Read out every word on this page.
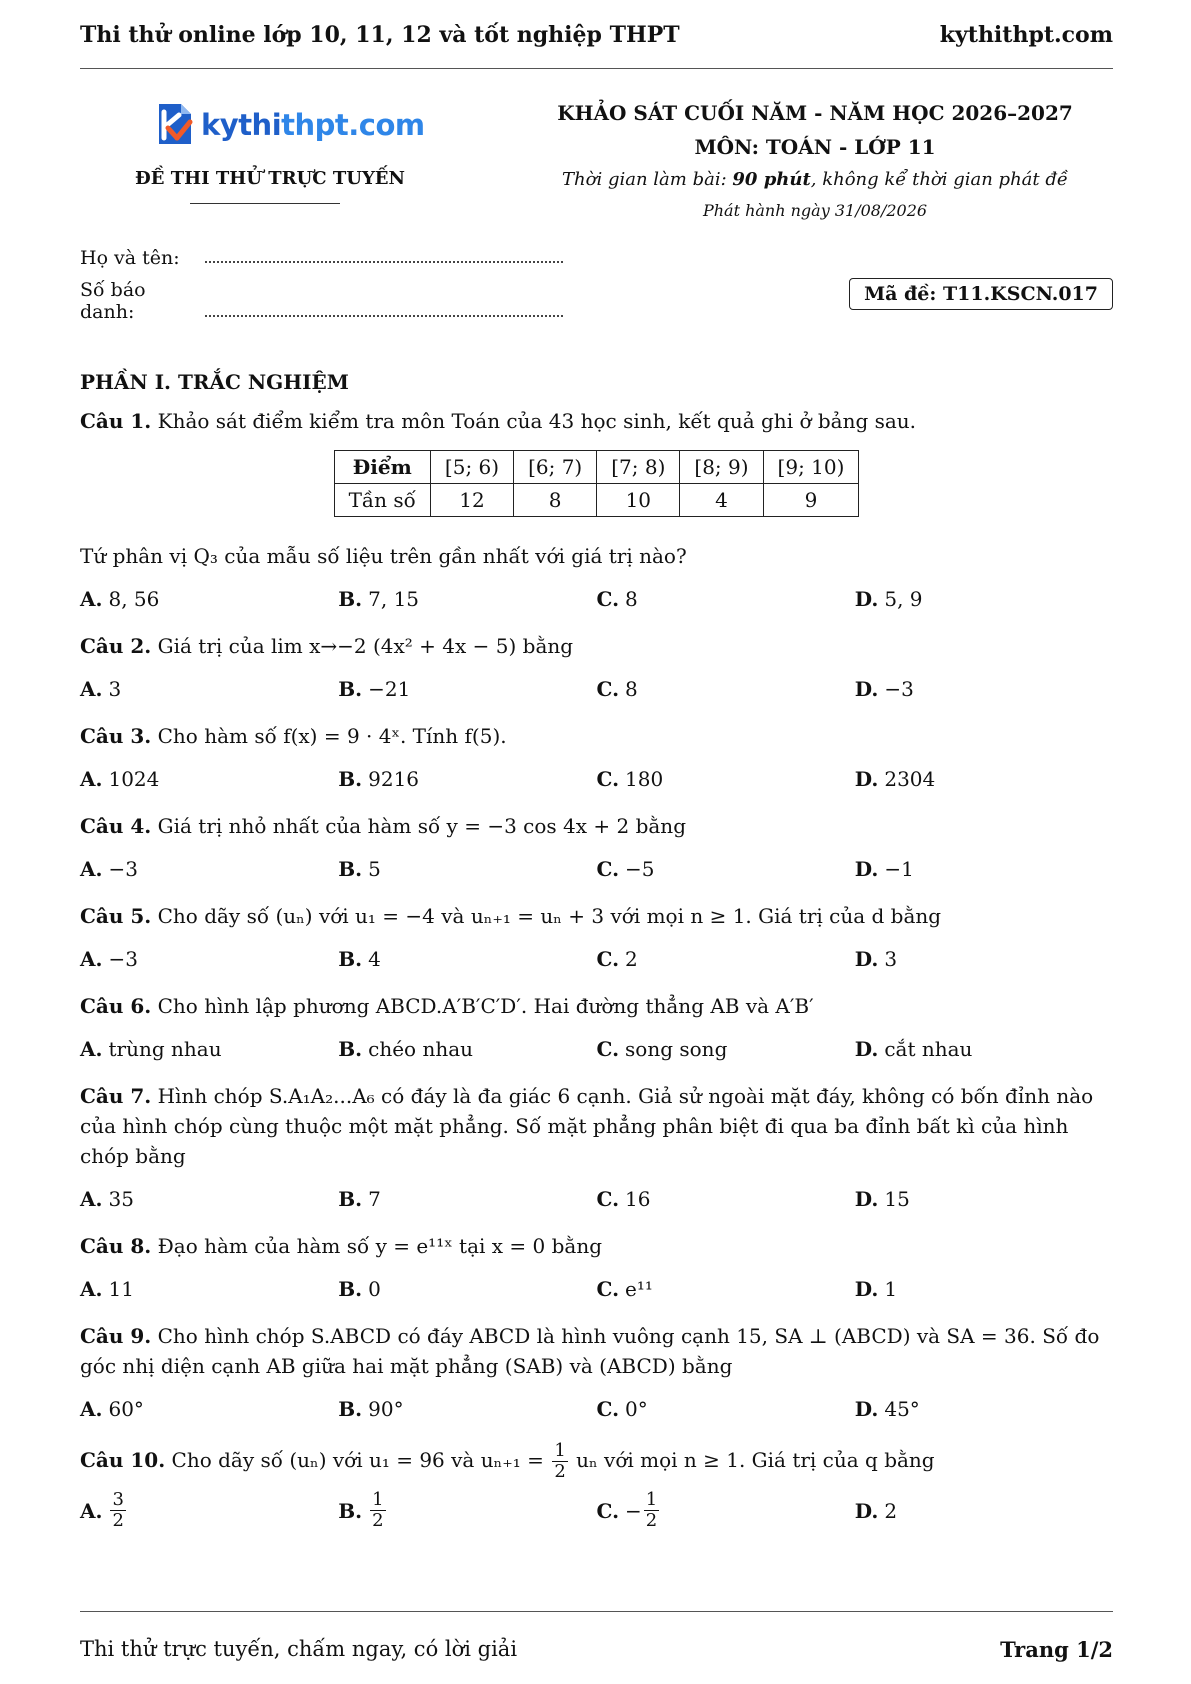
Thi thử online lớp 10, 11, 12 và tốt nghiệp THPT	kythithpt.com
kythithpt.com
ĐỀ THI THỬ TRỰC TUYẾN
KHẢO SÁT CUỐI NĂM - NĂM HỌC 2026–2027
MÔN: TOÁN - LỚP 11
Thời gian làm bài: 90 phút, không kể thời gian phát đề
Phát hành ngày 31/08/2026
Họ và tên:
Số báo danh:
Mã đề: T11.KSCN.017
PHẦN I. TRẮC NGHIỆM
Câu 1. Khảo sát điểm kiểm tra môn Toán của 43 học sinh, kết quả ghi ở bảng sau.
Điểm	[5; 6)	[6; 7)	[7; 8)	[8; 9)	[9; 10)
Tần số	12	8	10	4	9
Tứ phân vị Q₃ của mẫu số liệu trên gần nhất với giá trị nào?
A. 8, 56	B. 7, 15	C. 8	D. 5, 9
Câu 2. Giá trị của lim x→−2 (4x² + 4x − 5) bằng
A. 3	B. −21	C. 8	D. −3
Câu 3. Cho hàm số f(x) = 9 · 4ˣ. Tính f(5).
A. 1024	B. 9216	C. 180	D. 2304
Câu 4. Giá trị nhỏ nhất của hàm số y = −3 cos 4x + 2 bằng
A. −3	B. 5	C. −5	D. −1
Câu 5. Cho dãy số (uₙ) với u₁ = −4 và uₙ₊₁ = uₙ + 3 với mọi n ≥ 1. Giá trị của d bằng
A. −3	B. 4	C. 2	D. 3
Câu 6. Cho hình lập phương ABCD.A′B′C′D′. Hai đường thẳng AB và A′B′
A. trùng nhau	B. chéo nhau	C. song song	D. cắt nhau
Câu 7. Hình chóp S.A₁A₂...A₆ có đáy là đa giác 6 cạnh. Giả sử ngoài mặt đáy, không có bốn đỉnh nào của hình chóp cùng thuộc một mặt phẳng. Số mặt phẳng phân biệt đi qua ba đỉnh bất kì của hình chóp bằng
A. 35	B. 7	C. 16	D. 15
Câu 8. Đạo hàm của hàm số y = e¹¹ˣ tại x = 0 bằng
A. 11	B. 0	C. e¹¹	D. 1
Câu 9. Cho hình chóp S.ABCD có đáy ABCD là hình vuông cạnh 15, SA ⊥ (ABCD) và SA = 36. Số đo góc nhị diện cạnh AB giữa hai mặt phẳng (SAB) và (ABCD) bằng
A. 60°	B. 90°	C. 0°	D. 45°
Câu 10. Cho dãy số (uₙ) với u₁ = 96 và $u_{n+1} = \frac{1}{2}$ uₙ với mọi n ≥ 1. Giá trị của q bằng
A. $\frac{3}{2}$	B. $\frac{1}{2}$	C. − $\frac{1}{2}$	D. 2
Thi thử trực tuyến, chấm ngay, có lời giải	Trang 1/2
